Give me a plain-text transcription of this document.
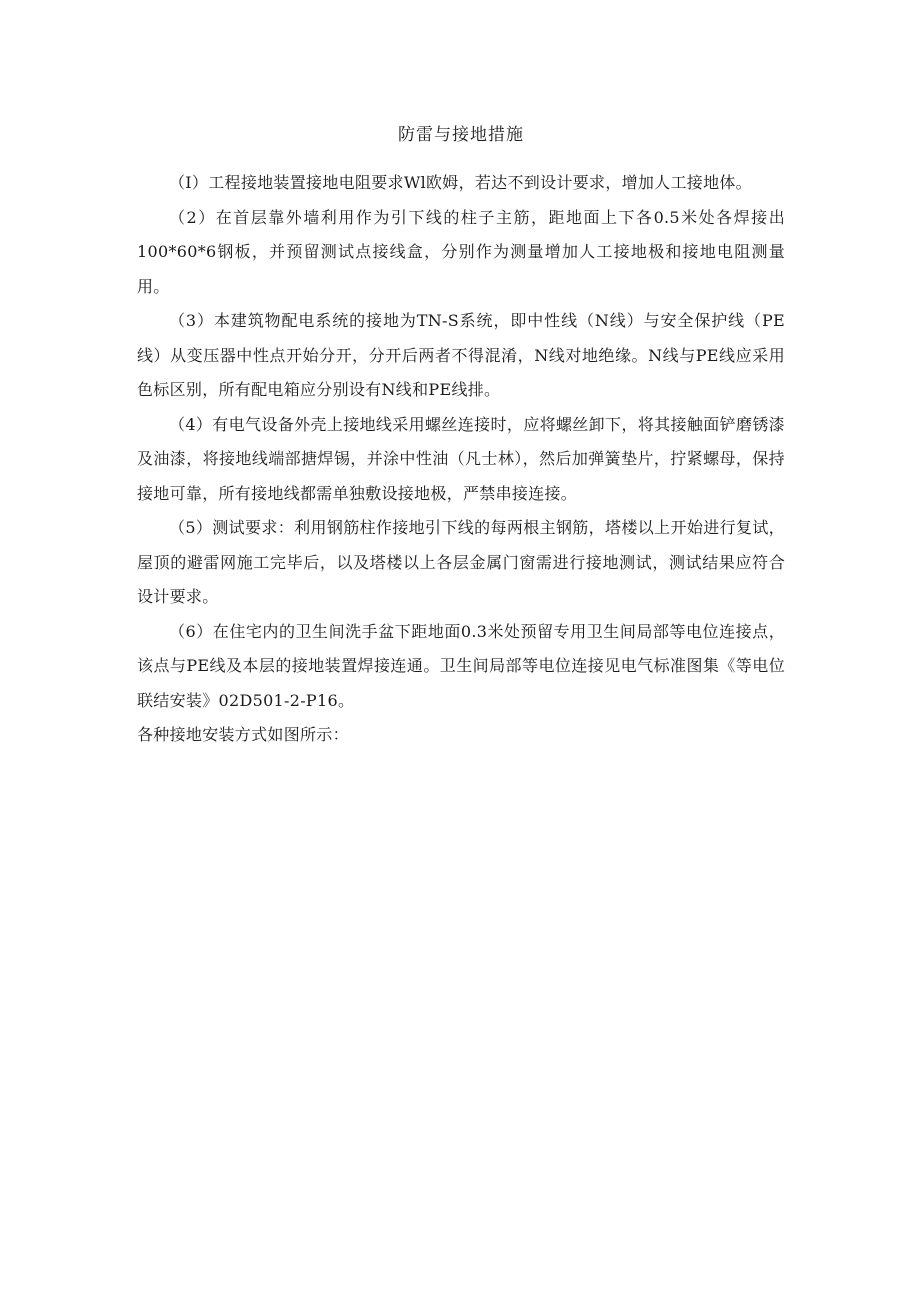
防雷与接地措施

（I）工程接地装置接地电阻要求Wl欧姆，若达不到设计要求，增加人工接地体。

（2）在首层靠外墙利用作为引下线的柱子主筋，距地面上下各0.5米处各焊接出100*60*6钢板，并预留测试点接线盒，分别作为测量增加人工接地极和接地电阻测量用。

（3）本建筑物配电系统的接地为TN-S系统，即中性线（N线）与安全保护线（PE线）从变压器中性点开始分开，分开后两者不得混淆，N线对地绝缘。N线与PE线应采用色标区别，所有配电箱应分别设有N线和PE线排。

（4）有电气设备外壳上接地线采用螺丝连接时，应将螺丝卸下，将其接触面铲磨锈漆及油漆，将接地线端部搪焊锡，并涂中性油（凡士林），然后加弹簧垫片，拧紧螺母，保持接地可靠，所有接地线都需单独敷设接地极，严禁串接连接。

（5）测试要求：利用钢筋柱作接地引下线的每两根主钢筋，塔楼以上开始进行复试，屋顶的避雷网施工完毕后，以及塔楼以上各层金属门窗需进行接地测试，测试结果应符合设计要求。

（6）在住宅内的卫生间洗手盆下距地面0.3米处预留专用卫生间局部等电位连接点，该点与PE线及本层的接地装置焊接连通。卫生间局部等电位连接见电气标准图集《等电位联结安装》02D501-2-P16。

各种接地安装方式如图所示：
